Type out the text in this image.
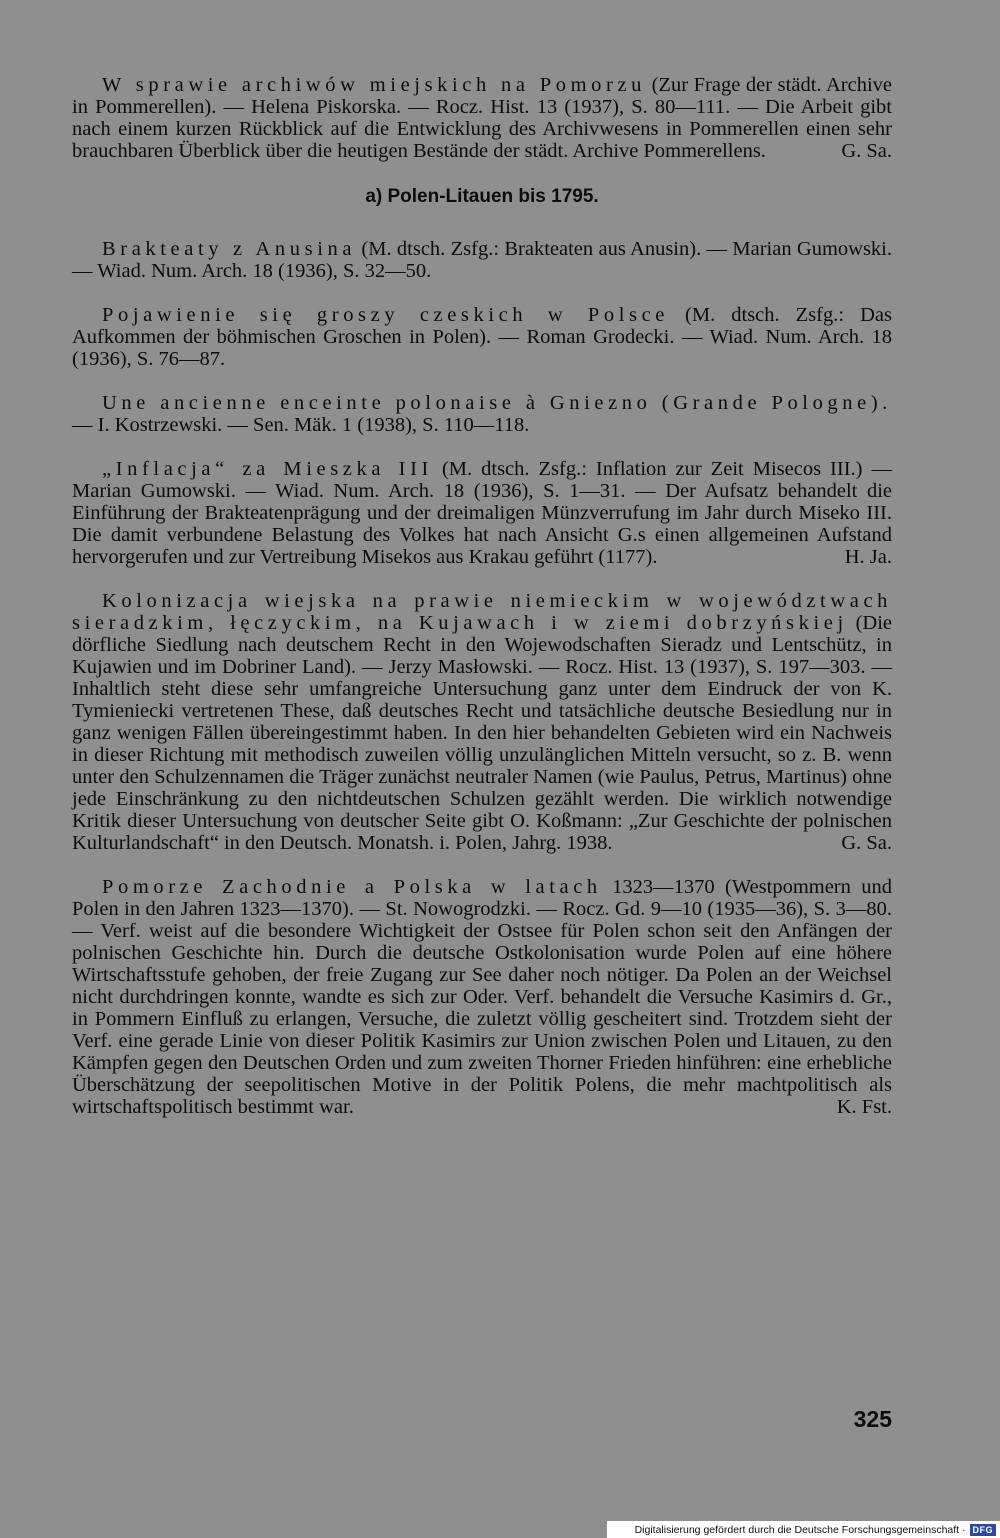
W sprawie archiwów miejskich na Pomorzu (Zur Frage der städt. Archive in Pommerellen). — Helena Piskorska. — Rocz. Hist. 13 (1937), S. 80—111. — Die Arbeit gibt nach einem kurzen Rückblick auf die Entwicklung des Archivwesens in Pommerellen einen sehr brauchbaren Überblick über die heutigen Bestände der städt. Archive Pommerellens.	G. Sa.

a) Polen-Litauen bis 1795.

Brakteaty z Anusina (M. dtsch. Zsfg.: Brakteaten aus Anusin). — Marian Gumowski. — Wiad. Num. Arch. 18 (1936), S. 32—50.

Pojawienie się groszy czeskich w Polsce (M. dtsch. Zsfg.: Das Aufkommen der böhmischen Groschen in Polen). — Roman Grodecki. — Wiad. Num. Arch. 18 (1936), S. 76—87.

Une ancienne enceinte polonaise à Gniezno (Grande Pologne). — I. Kostrzewski. — Sen. Mäk. 1 (1938), S. 110—118.

„Inflacja“ za Mieszka III (M. dtsch. Zsfg.: Inflation zur Zeit Misecos III.) — Marian Gumowski. — Wiad. Num. Arch. 18 (1936), S. 1—31. — Der Aufsatz behandelt die Einführung der Brakteatenprägung und der dreimaligen Münzverrufung im Jahr durch Miseko III. Die damit verbundene Belastung des Volkes hat nach Ansicht G.s einen allgemeinen Aufstand hervorgerufen und zur Vertreibung Misekos aus Krakau geführt (1177).	H. Ja.

Kolonizacja wiejska na prawie niemieckim w województwach sieradzkim, łęczyckim, na Kujawach i w ziemi dobrzyńskiej (Die dörfliche Siedlung nach deutschem Recht in den Wojewodschaften Sieradz und Lentschütz, in Kujawien und im Dobriner Land). — Jerzy Masłowski. — Rocz. Hist. 13 (1937), S. 197—303. — Inhaltlich steht diese sehr umfangreiche Untersuchung ganz unter dem Eindruck der von K. Tymieniecki vertretenen These, daß deutsches Recht und tatsächliche deutsche Besiedlung nur in ganz wenigen Fällen übereingestimmt haben. In den hier behandelten Gebieten wird ein Nachweis in dieser Richtung mit methodisch zuweilen völlig unzulänglichen Mitteln versucht, so z. B. wenn unter den Schulzennamen die Träger zunächst neutraler Namen (wie Paulus, Petrus, Martinus) ohne jede Einschränkung zu den nichtdeutschen Schulzen gezählt werden. Die wirklich notwendige Kritik dieser Untersuchung von deutscher Seite gibt O. Koßmann: „Zur Geschichte der polnischen Kulturlandschaft“ in den Deutsch. Monatsh. i. Polen, Jahrg. 1938.	G. Sa.

Pomorze Zachodnie a Polska w latach 1323—1370 (Westpommern und Polen in den Jahren 1323—1370). — St. Nowogrodzki. — Rocz. Gd. 9—10 (1935—36), S. 3—80. — Verf. weist auf die besondere Wichtigkeit der Ostsee für Polen schon seit den Anfängen der polnischen Geschichte hin. Durch die deutsche Ostkolonisation wurde Polen auf eine höhere Wirtschaftsstufe gehoben, der freie Zugang zur See daher noch nötiger. Da Polen an der Weichsel nicht durchdringen konnte, wandte es sich zur Oder. Verf. behandelt die Versuche Kasimirs d. Gr., in Pommern Einfluß zu erlangen, Versuche, die zuletzt völlig gescheitert sind. Trotzdem sieht der Verf. eine gerade Linie von dieser Politik Kasimirs zur Union zwischen Polen und Litauen, zu den Kämpfen gegen den Deutschen Orden und zum zweiten Thorner Frieden hinführen: eine erhebliche Überschätzung der seepolitischen Motive in der Politik Polens, die mehr machtpolitisch als wirtschaftspolitisch bestimmt war.	K. Fst.

325
Digitalisierung gefördert durch die Deutsche Forschungsgemeinschaft · DFG
